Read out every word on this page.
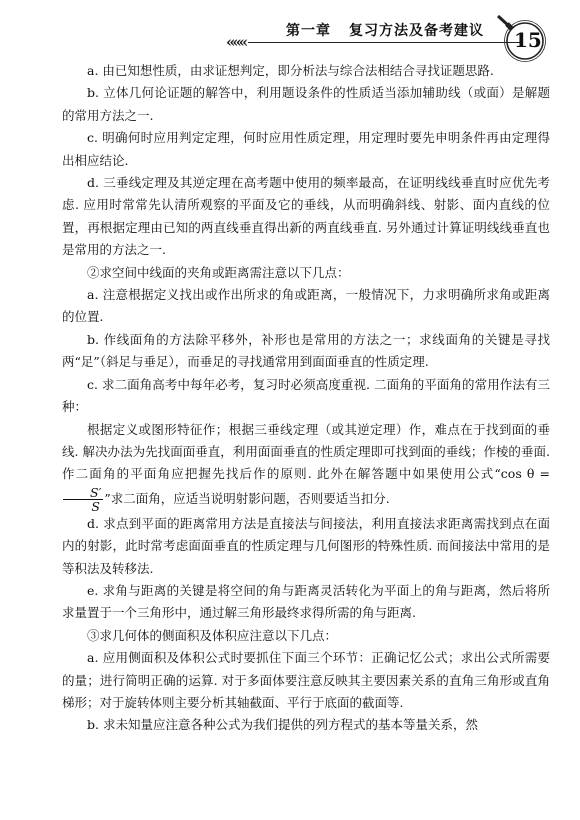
«««
第一章 复习方法及备考建议 15

a. 由已知想性质，由求证想判定，即分析法与综合法相结合寻找证题思路.

b. 立体几何论证题的解答中，利用题设条件的性质适当添加辅助线（或面）是解题的常用方法之一.

c. 明确何时应用判定定理，何时应用性质定理，用定理时要先申明条件再由定理得出相应结论.

d. 三垂线定理及其逆定理在高考题中使用的频率最高，在证明线线垂直时应优先考虑. 应用时常常先认清所观察的平面及它的垂线，从而明确斜线、射影、面内直线的位置，再根据定理由已知的两直线垂直得出新的两直线垂直. 另外通过计算证明线线垂直也是常用的方法之一.

②求空间中线面的夹角或距离需注意以下几点：

a. 注意根据定义找出或作出所求的角或距离，一般情况下，力求明确所求角或距离的位置.

b. 作线面角的方法除平移外，补形也是常用的方法之一；求线面角的关键是寻找两“足”（斜足与垂足），而垂足的寻找通常用到面面垂直的性质定理.

c. 求二面角高考中每年必考，复习时必须高度重视. 二面角的平面角的常用作法有三种：

根据定义或图形特征作；根据三垂线定理（或其逆定理）作，难点在于找到面的垂线. 解决办法为先找面面垂直，利用面面垂直的性质定理即可找到面的垂线；作棱的垂面. 作二面角的平面角应把握先找后作的原则. 此外在解答题中如果使用公式“cos θ =
$\frac{S'}{S}$ ”求二面角，应适当说明射影问题，否则要适当扣分.

d. 求点到平面的距离常用方法是直接法与间接法，利用直接法求距离需找到点在面内的射影，此时常考虑面面垂直的性质定理与几何图形的特殊性质. 而间接法中常用的是等积法及转移法.

e. 求角与距离的关键是将空间的角与距离灵活转化为平面上的角与距离，然后将所求量置于一个三角形中，通过解三角形最终求得所需的角与距离.

③求几何体的侧面积及体积应注意以下几点：

a. 应用侧面积及体积公式时要抓住下面三个环节：正确记忆公式；求出公式所需要的量；进行简明正确的运算. 对于多面体要注意反映其主要因素关系的直角三角形或直角梯形；对于旋转体则主要分析其轴截面、平行于底面的截面等.

b. 求未知量应注意各种公式为我们提供的列方程式的基本等量关系，然
